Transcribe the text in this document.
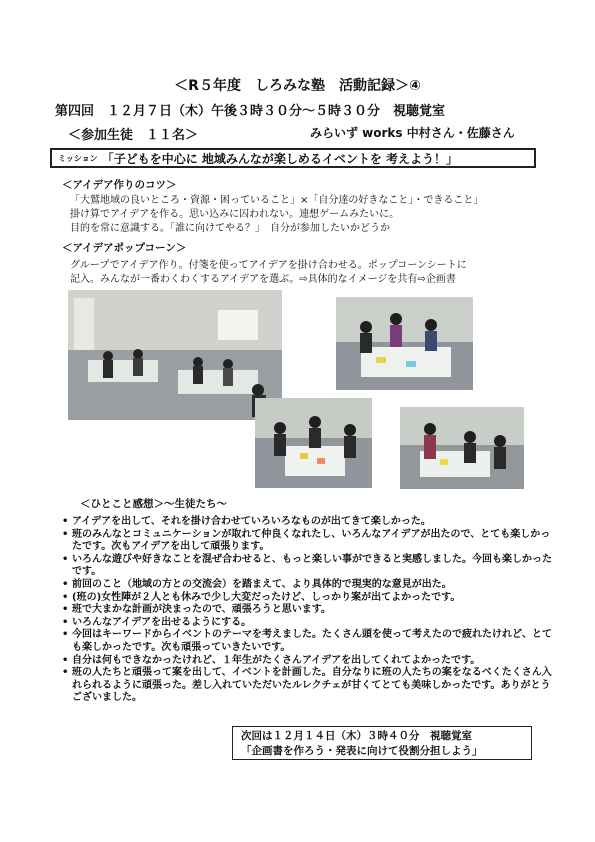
＜R５年度　しろみな塾　活動記録＞④
第四回　１２月７日（木）午後３時３０分～５時３０分　視聴覚室
＜参加生徒　１１名＞	みらいず works 中村さん・佐藤さん
ミッション 「子どもを中心に 地域みんなが楽しめるイベントを 考えよう！」
＜アイデア作りのコツ＞
「大鷲地域の良いところ・資源・困っていること」×「自分達の好きなこと」・できること」
掛け算でアイデアを作る。思い込みに囚われない。連想ゲームみたいに。
目的を常に意識する。「誰に向けてやる？」　自分が参加したいかどうか
＜アイデアポップコーン＞
グループでアイデア作り。付箋を使ってアイデアを掛け合わせる。ポップコーンシートに
記入。みんなが一番わくわくするアイデアを選ぶ。⇨具体的なイメージを共有⇨企画書
＜ひとこと感想＞～生徒たち～
• アイデアを出して、それを掛け合わせていろいろなものが出てきて楽しかった。
• 班のみんなとコミュニケーションが取れて仲良くなれたし、いろんなアイデアが出たので、とても楽しかったです。次もアイデアを出して頑張ります。
• いろんな遊びや好きなことを混ぜ合わせると、もっと楽しい事ができると実感しました。今回も楽しかったです。
• 前回のこと（地域の方との交流会）を踏まえて、より具体的で現実的な意見が出た。
• (班の)女性陣が２人とも休みで少し大変だったけど、しっかり案が出てよかったです。
• 班で大まかな計画が決まったので、頑張ろうと思います。
• いろんなアイデアを出せるようにする。
• 今回はキーワードからイベントのテーマを考えました。たくさん頭を使って考えたので疲れたけれど、とても楽しかったです。次も頑張っていきたいです。
• 自分は何もできなかったけれど、１年生がたくさんアイデアを出してくれてよかったです。
• 班の人たちと頑張って案を出して、イベントを計画した。自分なりに班の人たちの案をなるべくたくさん入れられるように頑張った。差し入れていただいたルレクチェが甘くてとても美味しかったです。ありがとうございました。
次回は１２月１４日（木）３時４０分　視聴覚室
「企画書を作ろう・発表に向けて役割分担しよう」
